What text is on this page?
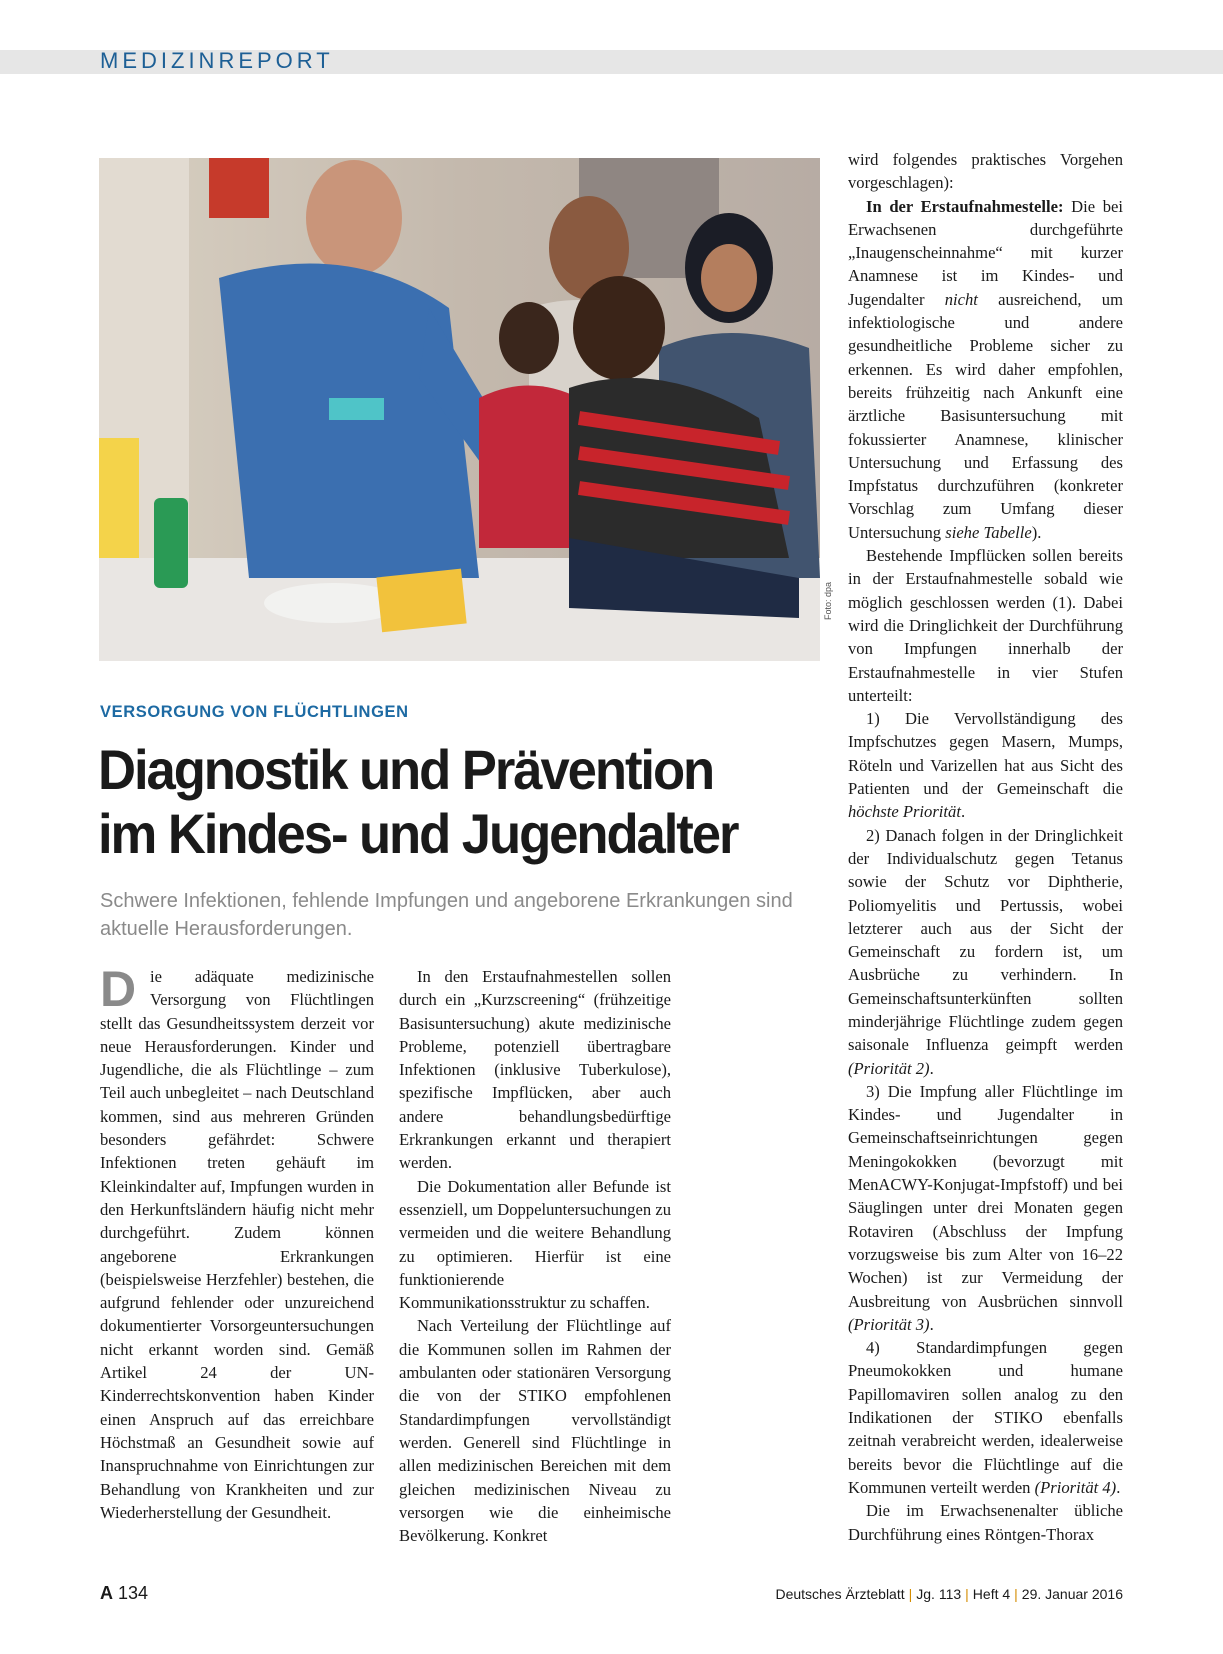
MEDIZINREPORT
Foto: dpa
VERSORGUNG VON FLÜCHTLINGEN
Diagnostik und Prävention
im Kindes- und Jugendalter
Schwere Infektionen, fehlende Impfungen und angeborene Erkrankungen sind aktuelle Herausforderungen.

D ie adäquate medizinische Versorgung von Flüchtlingen stellt das Gesundheitssystem derzeit vor neue Herausforderungen. Kinder und Jugendliche, die als Flüchtlinge – zum Teil auch unbegleitet – nach Deutschland kommen, sind aus mehreren Gründen besonders gefährdet: Schwere Infektionen treten gehäuft im Kleinkindalter auf, Impfungen wurden in den Herkunftsländern häufig nicht mehr durchgeführt. Zudem können angeborene Erkrankungen (beispielsweise Herzfehler) bestehen, die aufgrund fehlender oder unzureichend dokumentierter Vorsorgeuntersuchungen nicht erkannt worden sind. Gemäß Artikel 24 der UN-Kinderrechtskonvention haben Kinder einen Anspruch auf das erreichbare Höchstmaß an Gesundheit sowie auf Inanspruchnahme von Einrichtungen zur Behandlung von Krankheiten und zur Wiederherstellung der Gesundheit.

In den Erstaufnahmestellen sollen durch ein „Kurzscreening“ (frühzeitige Basisuntersuchung) akute medizinische Probleme, potenziell übertragbare Infektionen (inklusive Tuberkulose), spezifische Impflücken, aber auch andere behandlungsbedürftige Erkrankungen erkannt und therapiert werden.

Die Dokumentation aller Befunde ist essenziell, um Doppeluntersuchungen zu vermeiden und die weitere Behandlung zu optimieren. Hierfür ist eine funktionierende Kommunikationsstruktur zu schaffen.

Nach Verteilung der Flüchtlinge auf die Kommunen sollen im Rahmen der ambulanten oder stationären Versorgung die von der STIKO empfohlenen Standardimpfungen vervollständigt werden. Generell sind Flüchtlinge in allen medizinischen Bereichen mit dem gleichen medizinischen Niveau zu versorgen wie die einheimische Bevölkerung. Konkret

wird folgendes praktisches Vorgehen vorgeschlagen):

In der Erstaufnahmestelle: Die bei Erwachsenen durchgeführte „Inaugenscheinnahme“ mit kurzer Anamnese ist im Kindes- und Jugendalter nicht ausreichend, um infektiologische und andere gesundheitliche Probleme sicher zu erkennen. Es wird daher empfohlen, bereits frühzeitig nach Ankunft eine ärztliche Basisuntersuchung mit fokussierter Anamnese, klinischer Untersuchung und Erfassung des Impfstatus durchzuführen (konkreter Vorschlag zum Umfang dieser Untersuchung siehe Tabelle).

Bestehende Impflücken sollen bereits in der Erstaufnahmestelle sobald wie möglich geschlossen werden (1). Dabei wird die Dringlichkeit der Durchführung von Impfungen innerhalb der Erstaufnahmestelle in vier Stufen unterteilt:

1) Die Vervollständigung des Impfschutzes gegen Masern, Mumps, Röteln und Varizellen hat aus Sicht des Patienten und der Gemeinschaft die höchste Priorität.

2) Danach folgen in der Dringlichkeit der Individualschutz gegen Tetanus sowie der Schutz vor Diphtherie, Poliomyelitis und Pertussis, wobei letzterer auch aus der Sicht der Gemeinschaft zu fordern ist, um Ausbrüche zu verhindern. In Gemeinschaftsunterkünften sollten minderjährige Flüchtlinge zudem gegen saisonale Influenza geimpft werden (Priorität 2).

3) Die Impfung aller Flüchtlinge im Kindes- und Jugendalter in Gemeinschaftseinrichtungen gegen Meningokokken (bevorzugt mit MenACWY-Konjugat-Impfstoff) und bei Säuglingen unter drei Monaten gegen Rotaviren (Abschluss der Impfung vorzugsweise bis zum Alter von 16–22 Wochen) ist zur Vermeidung der Ausbreitung von Ausbrüchen sinnvoll (Priorität 3).

4) Standardimpfungen gegen Pneumokokken und humane Papillomaviren sollen analog zu den Indikationen der STIKO ebenfalls zeitnah verabreicht werden, idealerweise bereits bevor die Flüchtlinge auf die Kommunen verteilt werden (Priorität 4).

Die im Erwachsenenalter übliche Durchführung eines Röntgen-Thorax

A 134	Deutsches Ärzteblatt | Jg. 113 | Heft 4 | 29. Januar 2016
